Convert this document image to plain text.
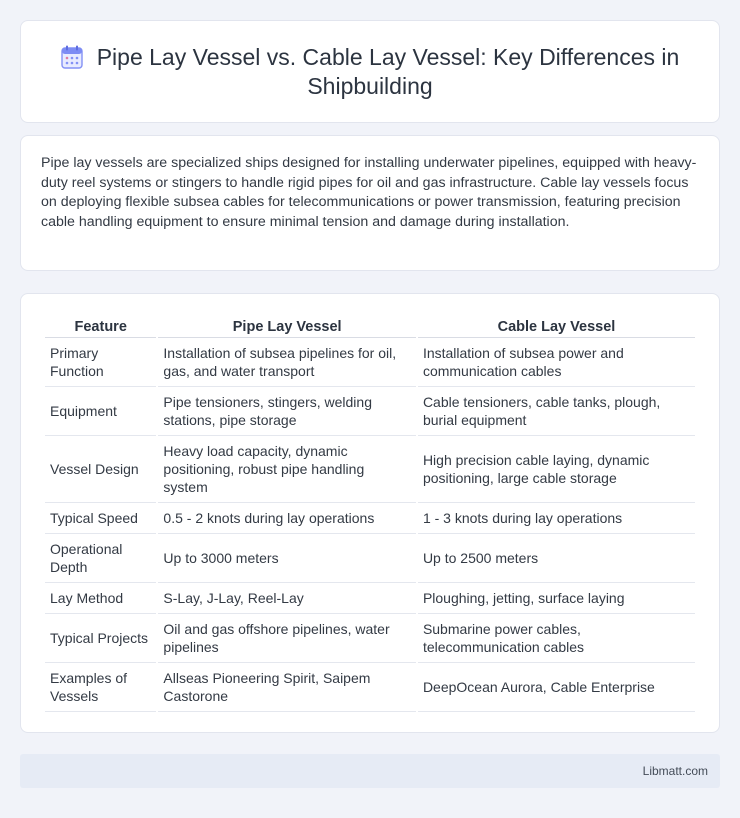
Pipe Lay Vessel vs. Cable Lay Vessel: Key Differences in Shipbuilding

Pipe lay vessels are specialized ships designed for installing underwater pipelines, equipped with heavy-duty reel systems or stingers to handle rigid pipes for oil and gas infrastructure. Cable lay vessels focus on deploying flexible subsea cables for telecommunications or power transmission, featuring precision cable handling equipment to ensure minimal tension and damage during installation.

Feature	Pipe Lay Vessel	Cable Lay Vessel
Primary Function	Installation of subsea pipelines for oil, gas, and water transport	Installation of subsea power and communication cables
Equipment	Pipe tensioners, stingers, welding stations, pipe storage	Cable tensioners, cable tanks, plough, burial equipment
Vessel Design	Heavy load capacity, dynamic positioning, robust pipe handling system	High precision cable laying, dynamic positioning, large cable storage
Typical Speed	0.5 - 2 knots during lay operations	1 - 3 knots during lay operations
Operational Depth	Up to 3000 meters	Up to 2500 meters
Lay Method	S-Lay, J-Lay, Reel-Lay	Ploughing, jetting, surface laying
Typical Projects	Oil and gas offshore pipelines, water pipelines	Submarine power cables, telecommunication cables
Examples of Vessels	Allseas Pioneering Spirit, Saipem Castorone	DeepOcean Aurora, Cable Enterprise
Libmatt.com
